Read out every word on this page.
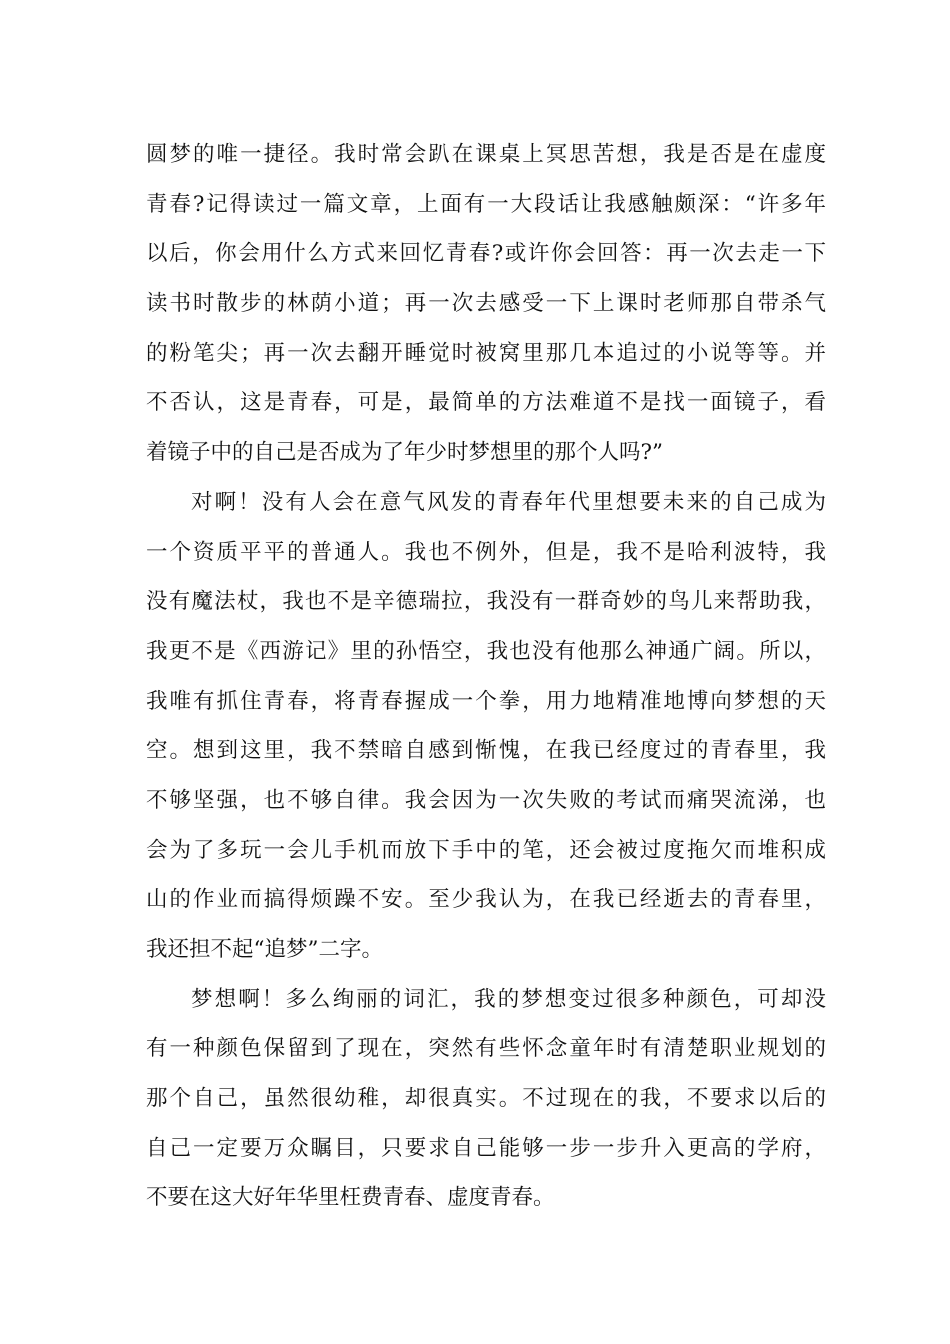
圆梦的唯一捷径。我时常会趴在课桌上冥思苦想，我是否是在虚度
青春?记得读过一篇文章，上面有一大段话让我感触颇深：“许多年
以后，你会用什么方式来回忆青春?或许你会回答：再一次去走一下
读书时散步的林荫小道；再一次去感受一下上课时老师那自带杀气
的粉笔尖；再一次去翻开睡觉时被窝里那几本追过的小说等等。并
不否认，这是青春，可是，最简单的方法难道不是找一面镜子，看
着镜子中的自己是否成为了年少时梦想里的那个人吗?”
对啊！没有人会在意气风发的青春年代里想要未来的自己成为
一个资质平平的普通人。我也不例外，但是，我不是哈利波特，我
没有魔法杖，我也不是辛德瑞拉，我没有一群奇妙的鸟儿来帮助我，
我更不是《西游记》里的孙悟空，我也没有他那么神通广阔。所以，
我唯有抓住青春，将青春握成一个拳，用力地精准地博向梦想的天
空。想到这里，我不禁暗自感到惭愧，在我已经度过的青春里，我
不够坚强，也不够自律。我会因为一次失败的考试而痛哭流涕，也
会为了多玩一会儿手机而放下手中的笔，还会被过度拖欠而堆积成
山的作业而搞得烦躁不安。至少我认为，在我已经逝去的青春里，
我还担不起“追梦”二字。
梦想啊！多么绚丽的词汇，我的梦想变过很多种颜色，可却没
有一种颜色保留到了现在，突然有些怀念童年时有清楚职业规划的
那个自己，虽然很幼稚，却很真实。不过现在的我，不要求以后的
自己一定要万众瞩目，只要求自己能够一步一步升入更高的学府，
不要在这大好年华里枉费青春、虚度青春。
